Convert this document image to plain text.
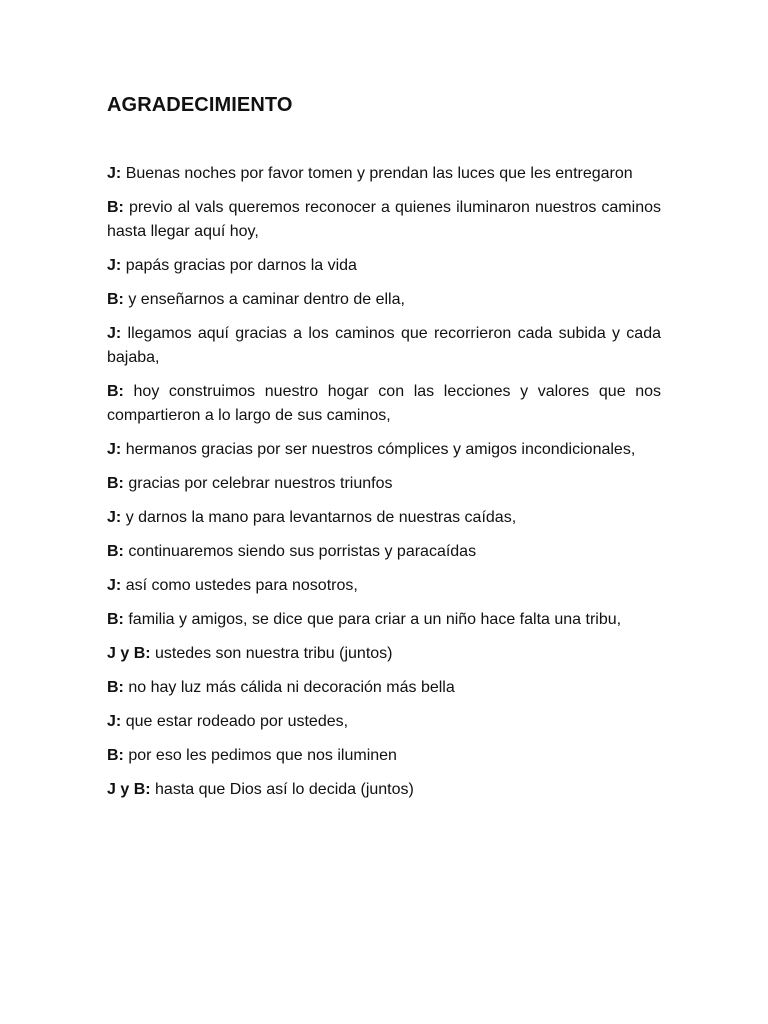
AGRADECIMIENTO

J: Buenas noches por favor tomen y prendan las luces que les entregaron

B: previo al vals queremos reconocer a quienes iluminaron nuestros caminos hasta llegar aquí hoy,

J: papás gracias por darnos la vida

B: y enseñarnos a caminar dentro de ella,

J: llegamos aquí gracias a los caminos que recorrieron cada subida y cada bajaba,

B: hoy construimos nuestro hogar con las lecciones y valores que nos compartieron a lo largo de sus caminos,

J: hermanos gracias por ser nuestros cómplices y amigos incondicionales,

B: gracias por celebrar nuestros triunfos

J: y darnos la mano para levantarnos de nuestras caídas,

B: continuaremos siendo sus porristas y paracaídas

J: así como ustedes para nosotros,

B: familia y amigos, se dice que para criar a un niño hace falta una tribu,

J y B: ustedes son nuestra tribu (juntos)

B: no hay luz más cálida ni decoración más bella

J: que estar rodeado por ustedes,

B: por eso les pedimos que nos iluminen

J y B: hasta que Dios así lo decida (juntos)
